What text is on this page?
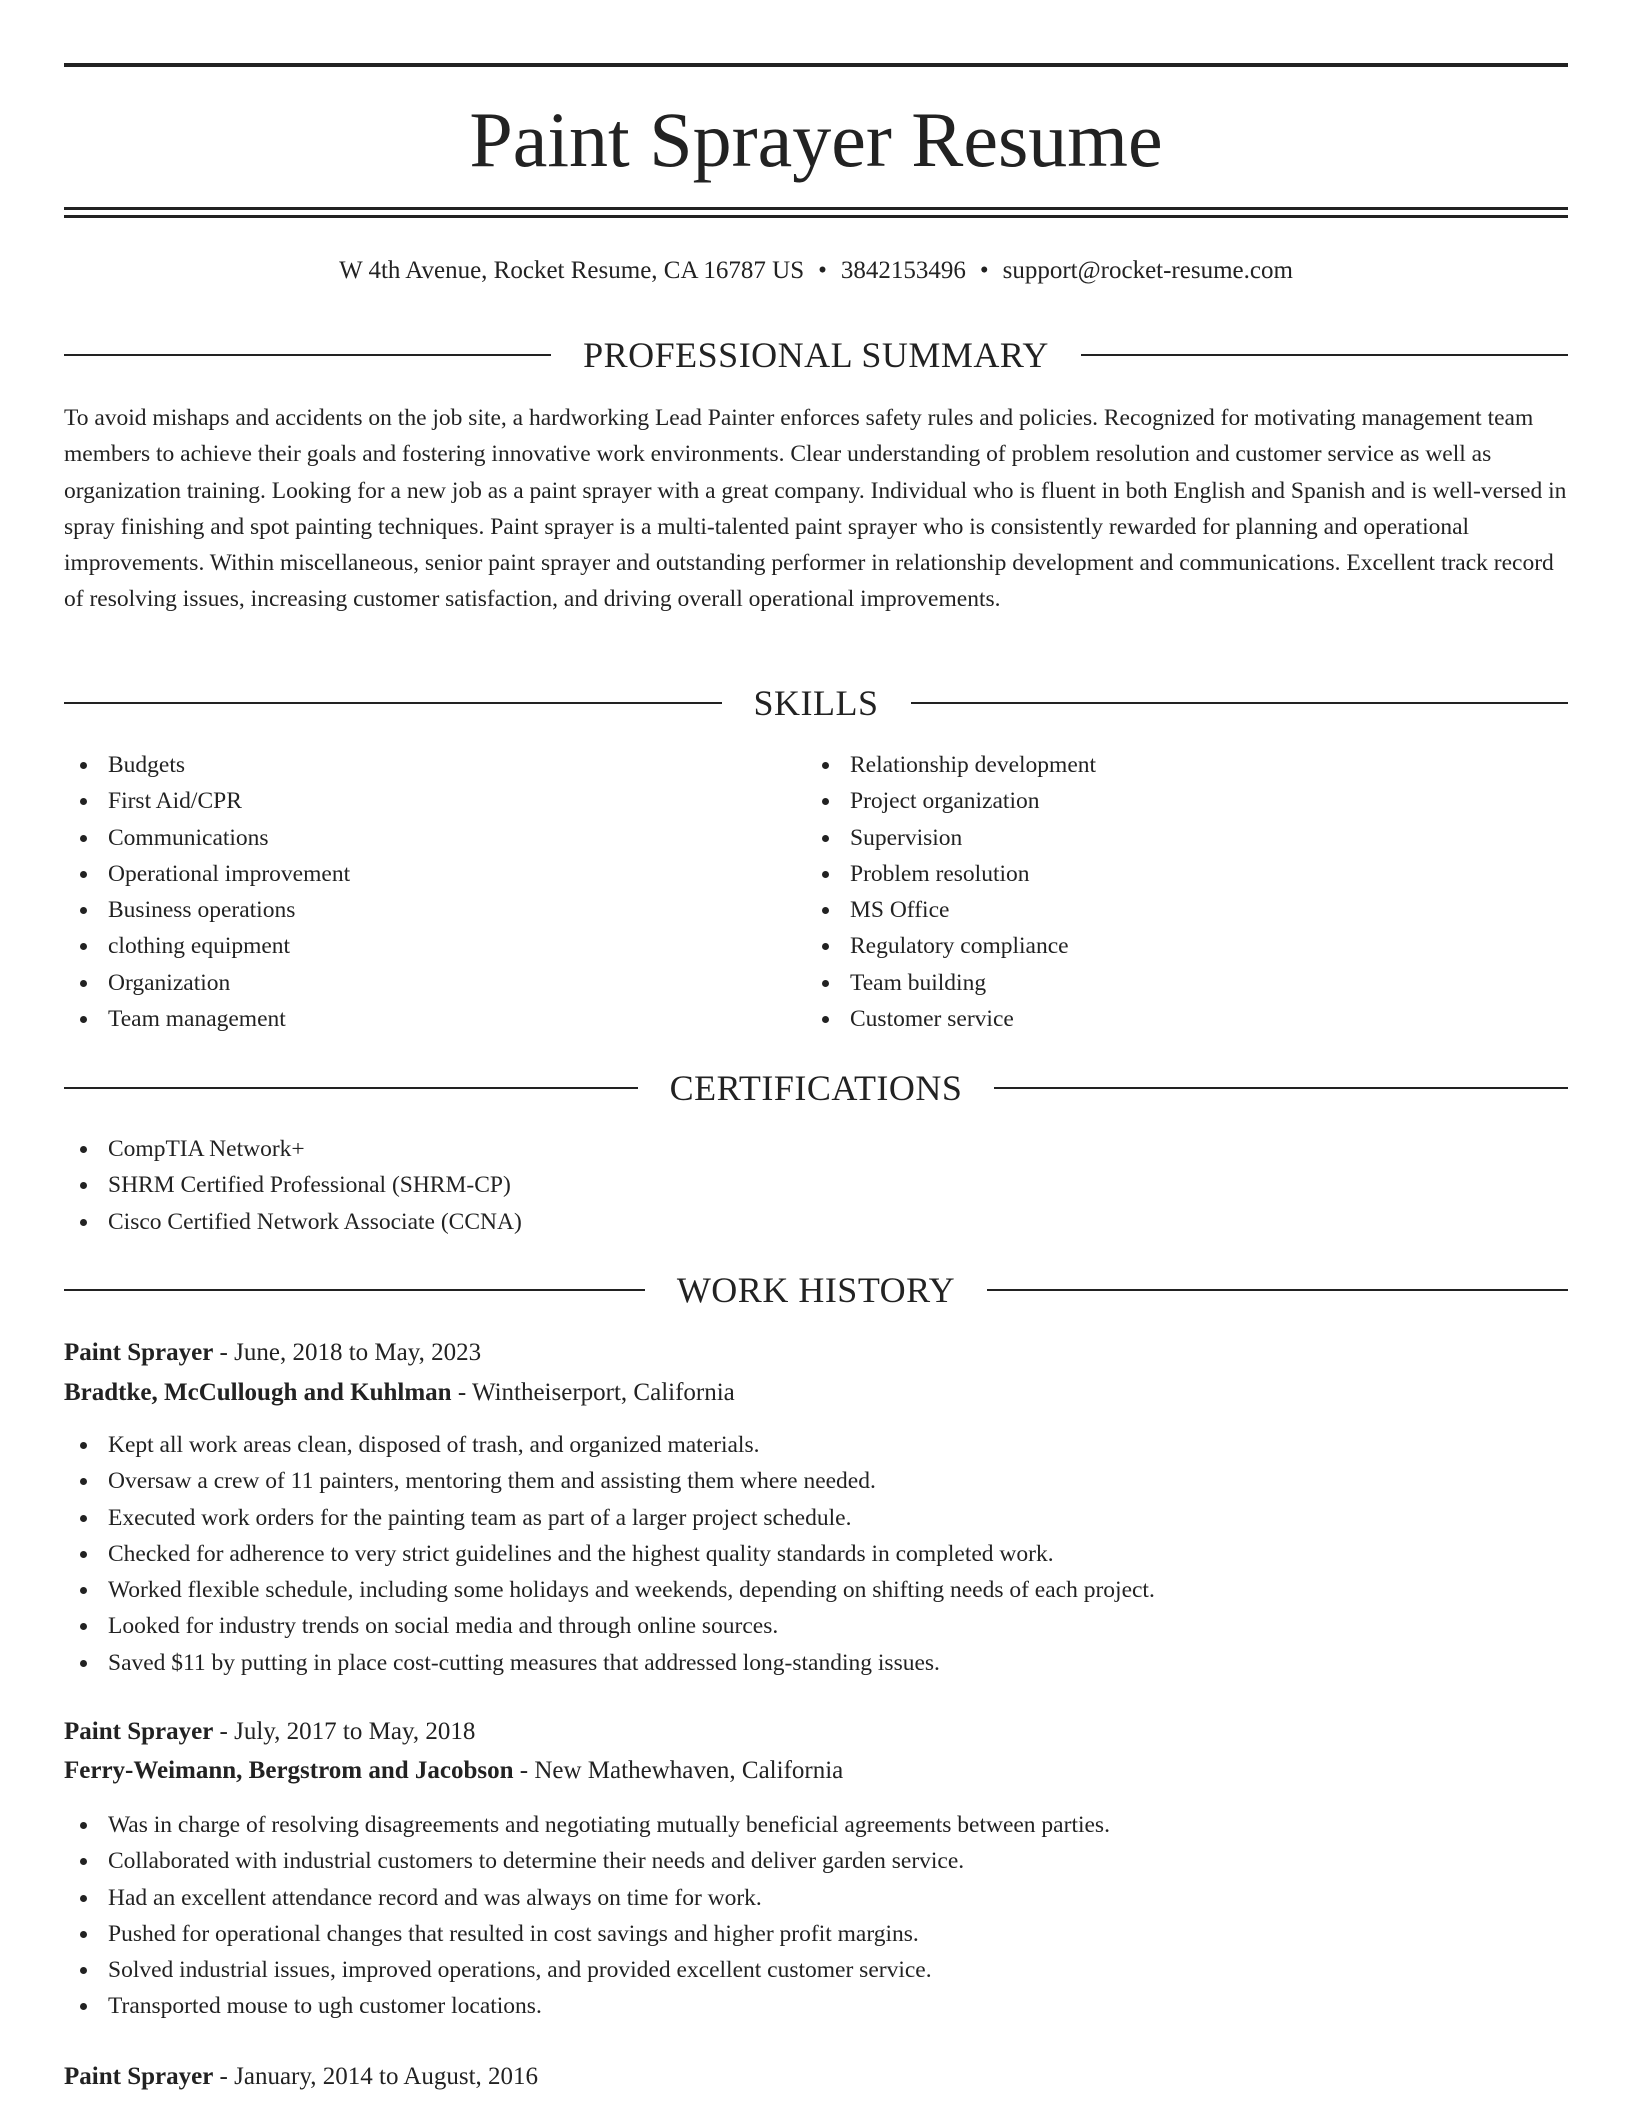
Paint Sprayer Resume
W 4th Avenue, Rocket Resume, CA 16787 US • 3842153496 • support@rocket-resume.com
PROFESSIONAL SUMMARY

To avoid mishaps and accidents on the job site, a hardworking Lead Painter enforces safety rules and policies. Recognized for motivating management team members to achieve their goals and fostering innovative work environments. Clear understanding of problem resolution and customer service as well as organization training. Looking for a new job as a paint sprayer with a great company. Individual who is fluent in both English and Spanish and is well-versed in spray finishing and spot painting techniques. Paint sprayer is a multi-talented paint sprayer who is consistently rewarded for planning and operational improvements. Within miscellaneous, senior paint sprayer and outstanding performer in relationship development and communications. Excellent track record of resolving issues, increasing customer satisfaction, and driving overall operational improvements.

SKILLS
Budgets
First Aid/CPR
Communications
Operational improvement
Business operations
clothing equipment
Organization
Team management
Relationship development
Project organization
Supervision
Problem resolution
MS Office
Regulatory compliance
Team building
Customer service
CERTIFICATIONS
CompTIA Network+
SHRM Certified Professional (SHRM-CP)
Cisco Certified Network Associate (CCNA)
WORK HISTORY
Paint Sprayer - June, 2018 to May, 2023
Bradtke, McCullough and Kuhlman - Wintheiserport, California
Kept all work areas clean, disposed of trash, and organized materials.
Oversaw a crew of 11 painters, mentoring them and assisting them where needed.
Executed work orders for the painting team as part of a larger project schedule.
Checked for adherence to very strict guidelines and the highest quality standards in completed work.
Worked flexible schedule, including some holidays and weekends, depending on shifting needs of each project.
Looked for industry trends on social media and through online sources.
Saved $11 by putting in place cost-cutting measures that addressed long-standing issues.
Paint Sprayer - July, 2017 to May, 2018
Ferry-Weimann, Bergstrom and Jacobson - New Mathewhaven, California
Was in charge of resolving disagreements and negotiating mutually beneficial agreements between parties.
Collaborated with industrial customers to determine their needs and deliver garden service.
Had an excellent attendance record and was always on time for work.
Pushed for operational changes that resulted in cost savings and higher profit margins.
Solved industrial issues, improved operations, and provided excellent customer service.
Transported mouse to ugh customer locations.
Paint Sprayer - January, 2014 to August, 2016
